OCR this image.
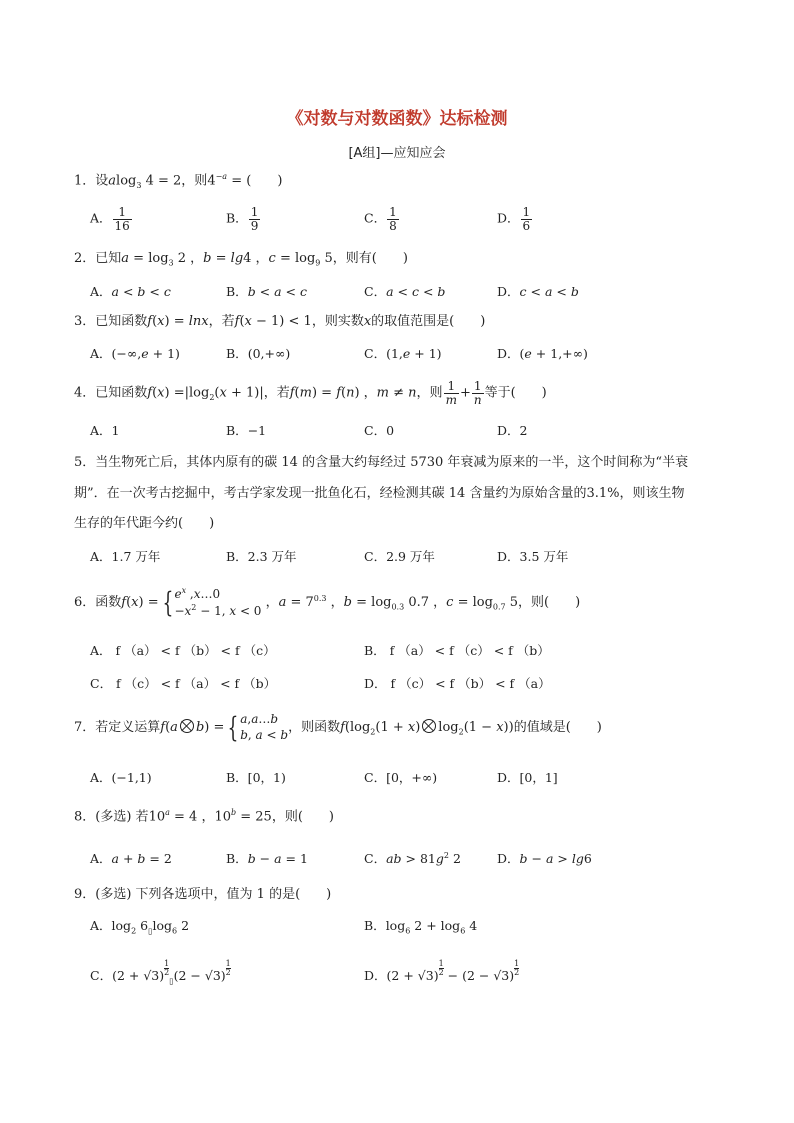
《对数与对数函数》达标检测
[A组]—应知应会
1．设alog$_3$ 4 = 2，则$4^{-a}$ = (　　)
A． $\frac{1}{16}$	B． $\frac{1}{9}$	C． $\frac{1}{8}$	D． $\frac{1}{6}$
2．已知$a = \log_3 2$ ，b = lg4 ，$c = \log_9 5$，则有(　　)
A．a < b < c	B．b < a < c	C．a < c < b	D．c < a < b
3．已知函数f(x) = lnx，若f(x − 1) < 1，则实数x的取值范围是(　　)
A．(−∞,e + 1)	B．(0,+∞)	C．(1,e + 1)	D．(e + 1,+∞)
4．已知函数$f(x) =|\log_2(x + 1)|$，若f(m) = f(n) ，m ≠ n，则 $\frac{1}{m} + \frac{1}{n}$ 等于(　　)
A．1	B．−1	C．0	D．2
5．当生物死亡后，其体内原有的碳 14 的含量大约每经过 5730 年衰减为原来的一半，这个时间称为“半衰
期”．在一次考古挖掘中，考古学家发现一批鱼化石，经检测其碳 14 含量约为原始含量的3.1%，则该生物
生存的年代距今约(　　)
A．1.7 万年	B．2.3 万年	C．2.9 万年	D．3.5 万年
6．函数f(x) = { $e^x$ ,x…0
$-x^2 - 1$, x < 0
，$a = 7^{0.3}$ ，$b = \log_{0.3} 0.7$ ，$c = \log_{0.7} 5$，则(　　)
A． f （a） < f （b） < f （c）	B． f （a） < f （c） < f （b）
C． f （c） < f （a） < f （b）	D． f （c） < f （b） < f （a）
7．若定义运算f(a b) = { a,a…b
b, a < b ，则函数$f(\log_2(1 + x) \log_2(1 - x))$的值域是(　　)
A．(−1,1)	B．[0，1)	C．[0，+∞)	D．[0，1]
8．(多选) 若$10^a = 4$ ，$10^b = 25$，则(　　)
A．a + b = 2	B．b − a = 1	C．ab > $81g^2$ 2	D．b − a > lg6
9．(多选) 下列各选项中，值为 1 的是(　　)
A．$\log_2 6_▯\log_6$ 2	B．$\log_6 2 + \log_6 4$
C．$(2 + √3) \frac{1}{2}$
$_▯(2 - √3) \frac{1}{2}$	D．$(2 + √3) \frac{1}{2} - (2 - √3) \frac{1}{2}$
